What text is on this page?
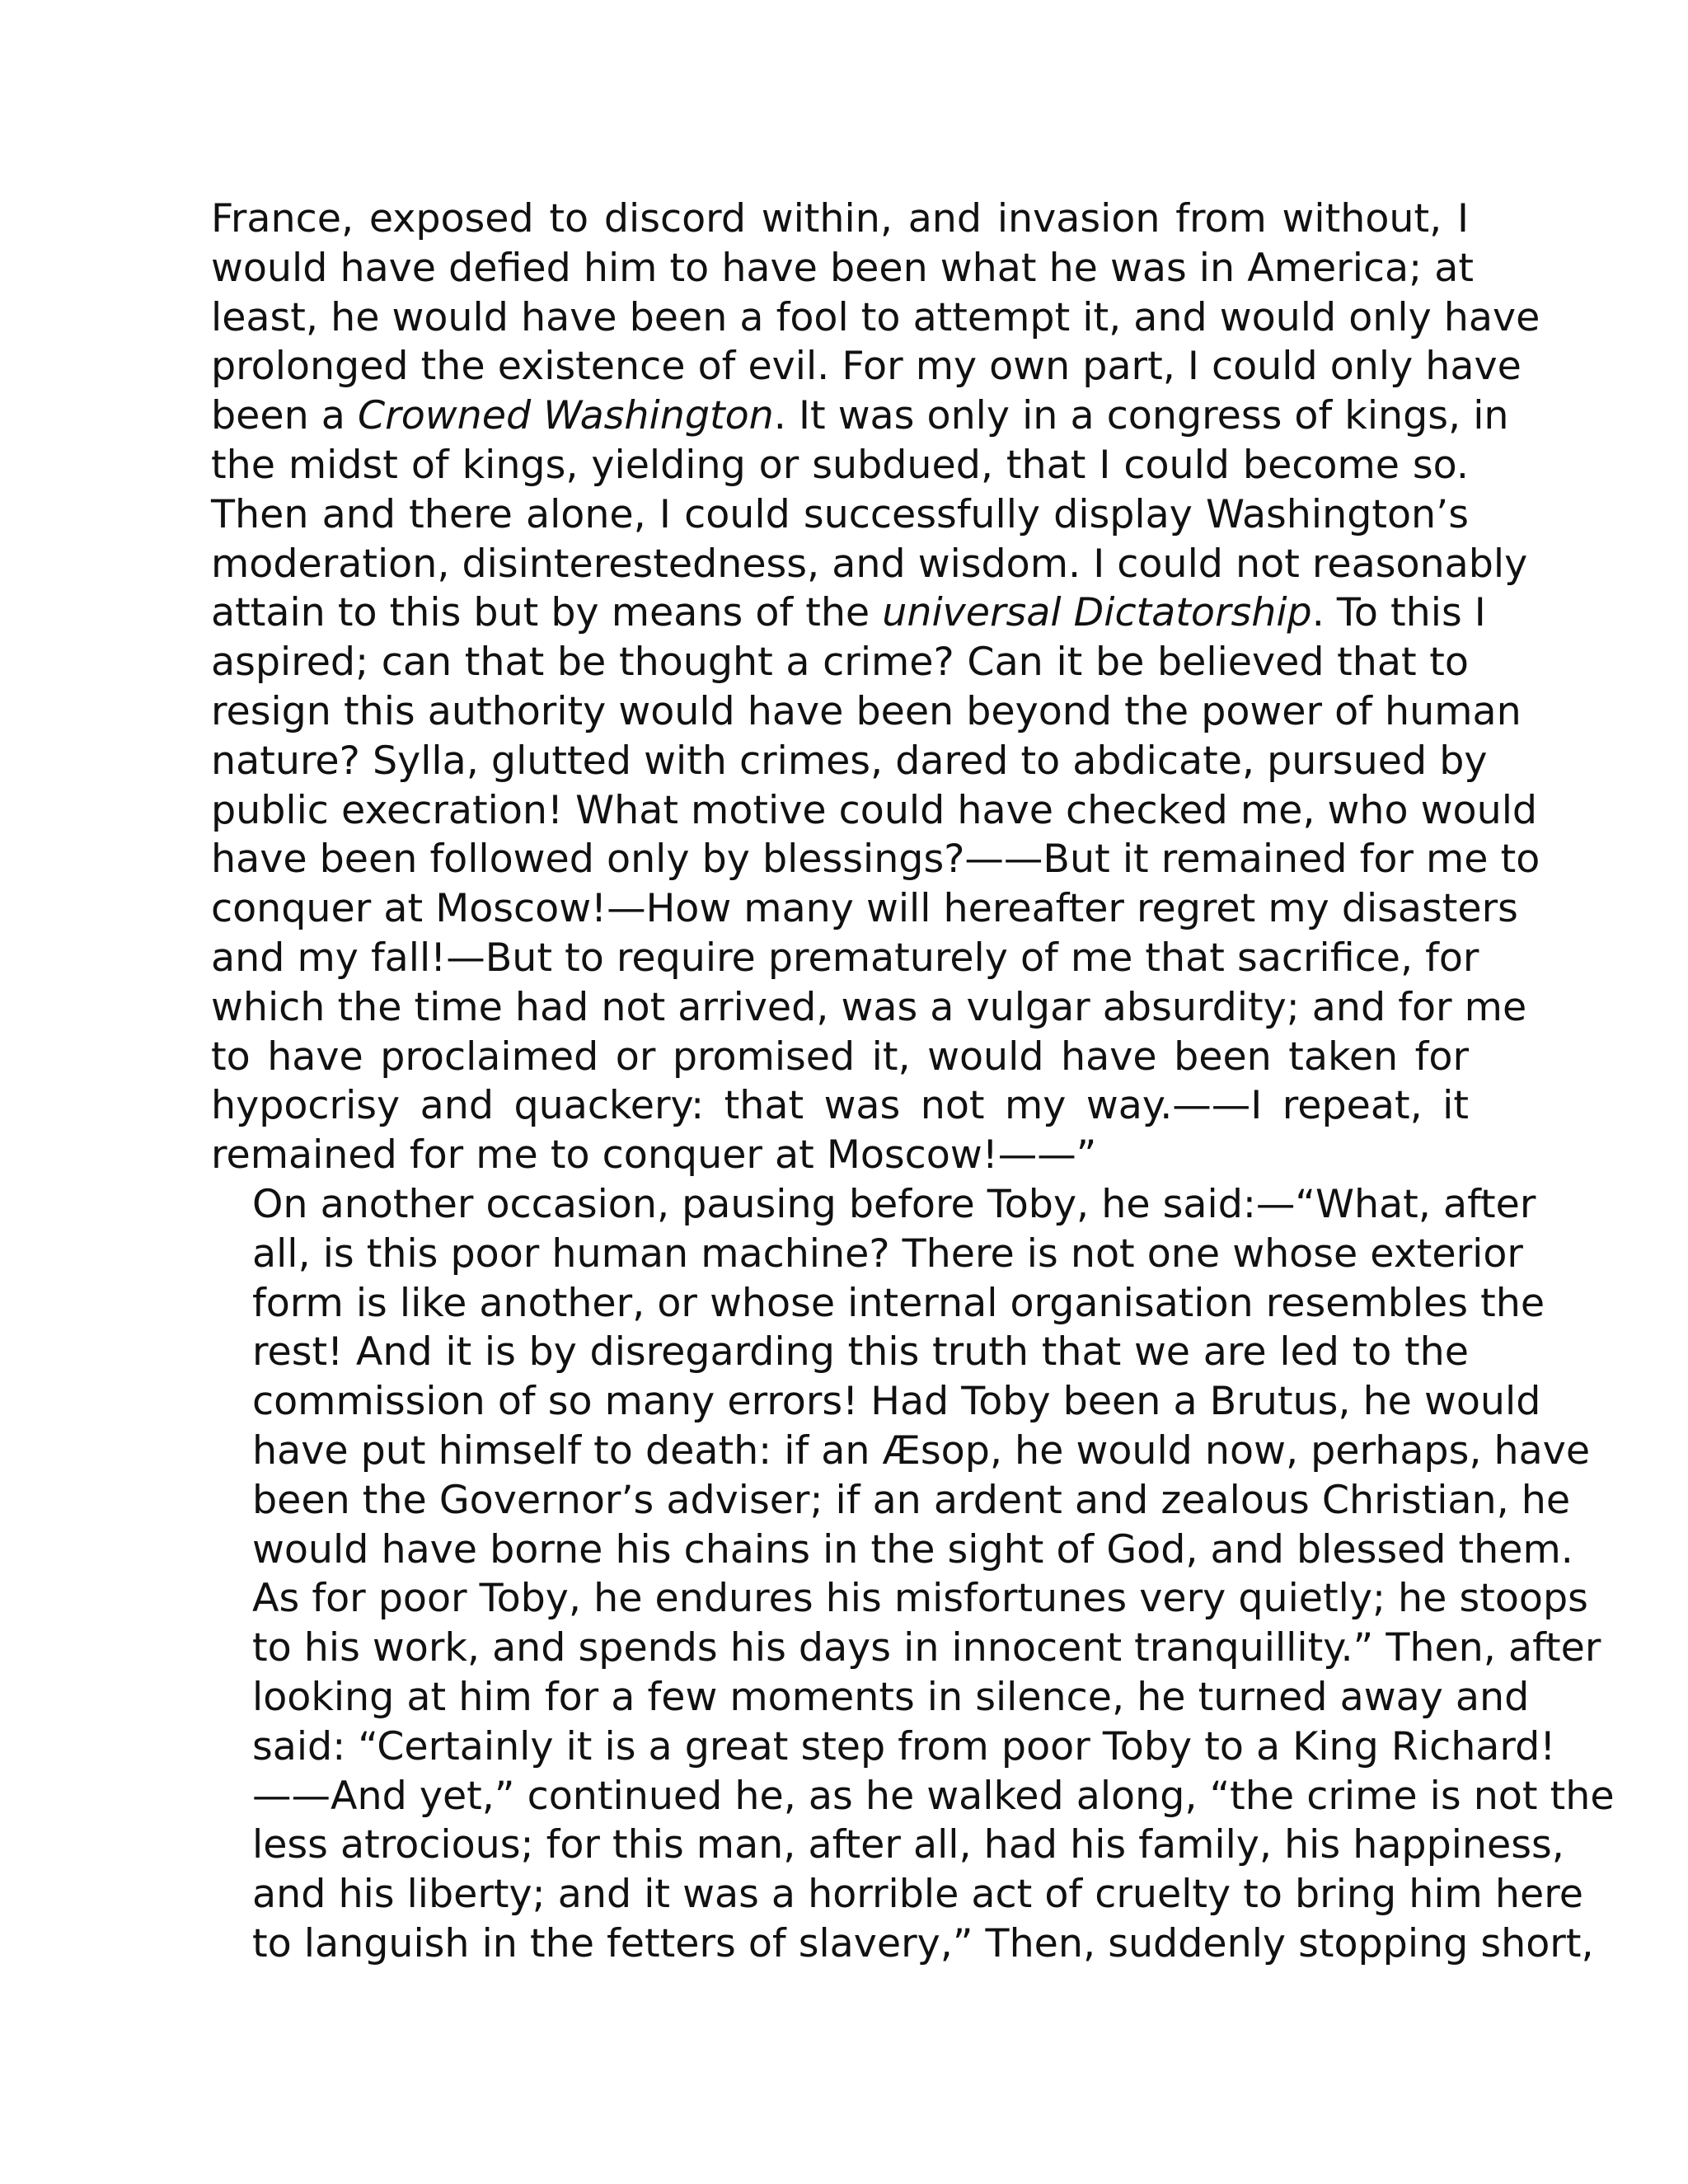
France, exposed to discord within, and invasion from without, I
would have defied him to have been what he was in America; at
least, he would have been a fool to attempt it, and would only have
prolonged the existence of evil. For my own part, I could only have
been a Crowned Washington. It was only in a congress of kings, in
the midst of kings, yielding or subdued, that I could become so.
Then and there alone, I could successfully display Washington’s
moderation, disinterestedness, and wisdom. I could not reasonably
attain to this but by means of the universal Dictatorship. To this I
aspired; can that be thought a crime? Can it be believed that to
resign this authority would have been beyond the power of human
nature? Sylla, glutted with crimes, dared to abdicate, pursued by
public execration! What motive could have checked me, who would
have been followed only by blessings?——But it remained for me to
conquer at Moscow!—How many will hereafter regret my disasters
and my fall!—But to require prematurely of me that sacrifice, for
which the time had not arrived, was a vulgar absurdity; and for me
to have proclaimed or promised it, would have been taken for
hypocrisy and quackery: that was not my way.——I repeat, it
remained for me to conquer at Moscow!——”

On another occasion, pausing before Toby, he said:—“What, after
all, is this poor human machine? There is not one whose exterior
form is like another, or whose internal organisation resembles the
rest! And it is by disregarding this truth that we are led to the
commission of so many errors! Had Toby been a Brutus, he would
have put himself to death: if an Æsop, he would now, perhaps, have
been the Governor’s adviser; if an ardent and zealous Christian, he
would have borne his chains in the sight of God, and blessed them.
As for poor Toby, he endures his misfortunes very quietly; he stoops
to his work, and spends his days in innocent tranquillity.” Then, after
looking at him for a few moments in silence, he turned away and
said: “Certainly it is a great step from poor Toby to a King Richard!
——And yet,” continued he, as he walked along, “the crime is not the
less atrocious; for this man, after all, had his family, his happiness,
and his liberty; and it was a horrible act of cruelty to bring him here
to languish in the fetters of slavery,” Then, suddenly stopping short,
